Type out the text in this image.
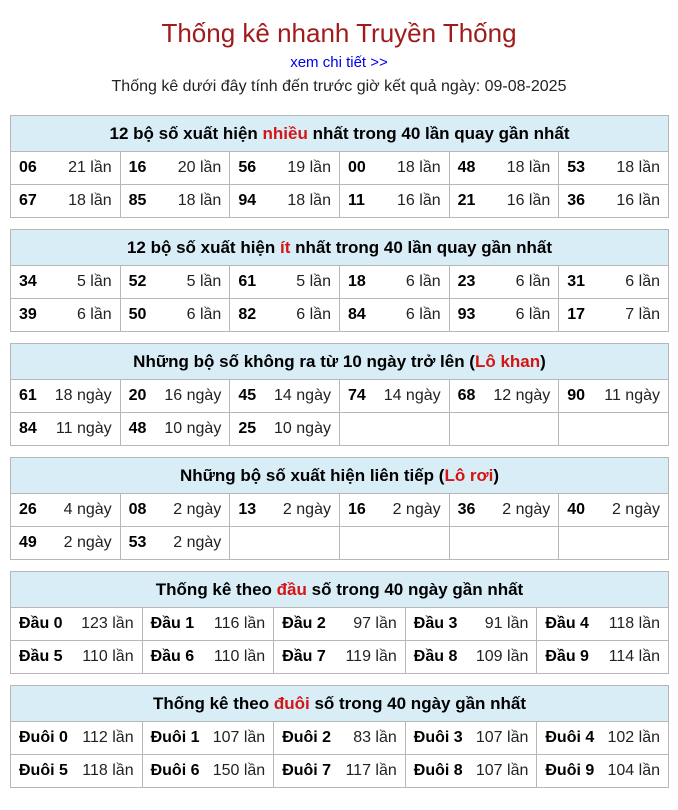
Thống kê nhanh Truyền Thống
xem chi tiết >>
Thống kê dưới đây tính đến trước giờ kết quả ngày: 09-08-2025
12 bộ số xuất hiện nhiều nhất trong 40 lần quay gần nhất					

06 21 lần	16 20 lần	56 19 lần	00 18 lần	48 18 lần	53 18 lần

67 18 lần	85 18 lần	94 18 lần	11 16 lần	21 16 lần	36 16 lần
12 bộ số xuất hiện ít nhất trong 40 lần quay gần nhất					

34 5 lần	52 5 lần	61 5 lần	18 6 lần	23 6 lần	31 6 lần

39 6 lần	50 6 lần	82 6 lần	84 6 lần	93 6 lần	17 7 lần
Những bộ số không ra từ 10 ngày trở lên (Lô khan)					

61 18 ngày	20 16 ngày	45 14 ngày	74 14 ngày	68 12 ngày	90 11 ngày

84 11 ngày	48 10 ngày	25 10 ngày			

Những bộ số xuất hiện liên tiếp (Lô rơi)					

26 4 ngày	08 2 ngày	13 2 ngày	16 2 ngày	36 2 ngày	40 2 ngày

49 2 ngày	53 2 ngày				

Thống kê theo đầu số trong 40 ngày gần nhất				

Đầu 0 123 lần	Đầu 1 116 lần	Đầu 2 97 lần	Đầu 3 91 lần	Đầu 4 118 lần

Đầu 5 110 lần	Đầu 6 110 lần	Đầu 7 119 lần	Đầu 8 109 lần	Đầu 9 114 lần
Thống kê theo đuôi số trong 40 ngày gần nhất				

Đuôi 0 112 lần	Đuôi 1 107 lần	Đuôi 2 83 lần	Đuôi 3 107 lần	Đuôi 4 102 lần

Đuôi 5 118 lần	Đuôi 6 150 lần	Đuôi 7 117 lần	Đuôi 8 107 lần	Đuôi 9 104 lần
